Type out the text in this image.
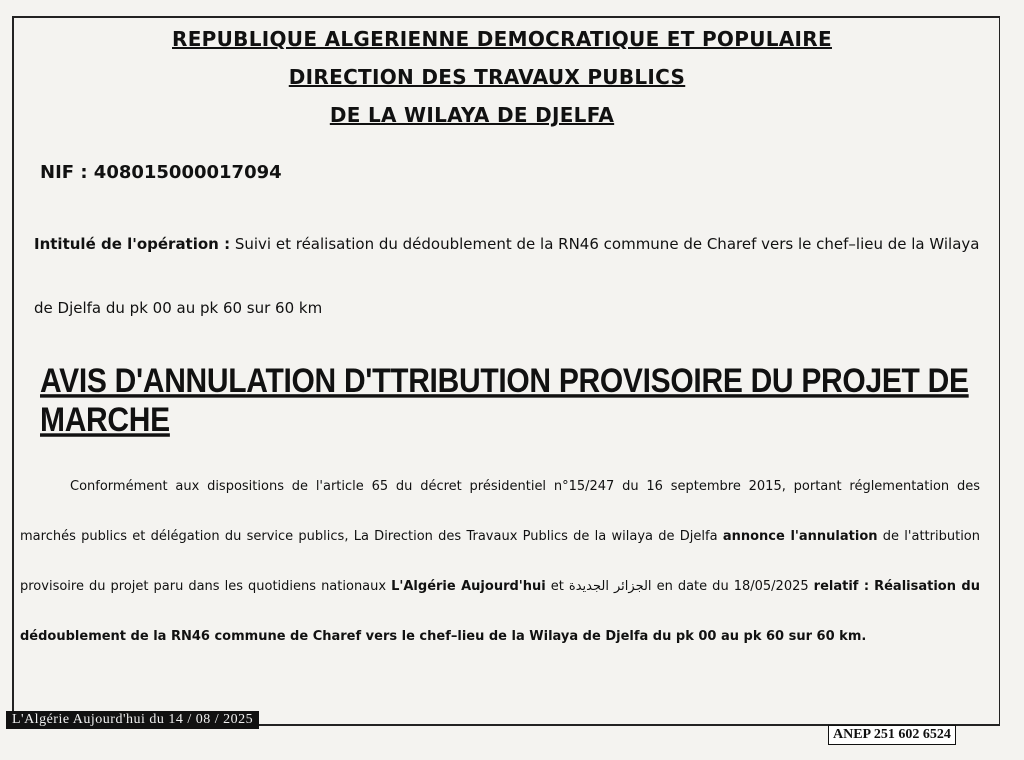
REPUBLIQUE ALGERIENNE DEMOCRATIQUE ET POPULAIRE
DIRECTION DES TRAVAUX PUBLICS
DE LA WILAYA DE DJELFA
NIF : 408015000017094
Intitulé de l'opération : Suivi et réalisation du dédoublement de la RN46 commune de Charef vers le chef–lieu de la Wilaya de Djelfa du pk 00 au pk 60 sur 60 km
AVIS D'ANNULATION D'TTRIBUTION PROVISOIRE DU PROJET DE MARCHE
Conformément aux dispositions de l'article 65 du décret présidentiel n°15/247 du 16 septembre 2015, portant réglementation des marchés publics et délégation du service publics, La Direction des Travaux Publics de la wilaya de Djelfa annonce l'annulation de l'attribution provisoire du projet paru dans les quotidiens nationaux L'Algérie Aujourd'hui et الجزائر الجديدة en date du 18/05/2025 relatif : Réalisation du dédoublement de la RN46 commune de Charef vers le chef–lieu de la Wilaya de Djelfa du pk 00 au pk 60 sur 60 km.
L'Algérie Aujourd'hui du 14 / 08 / 2025
ANEP 251 602 6524
